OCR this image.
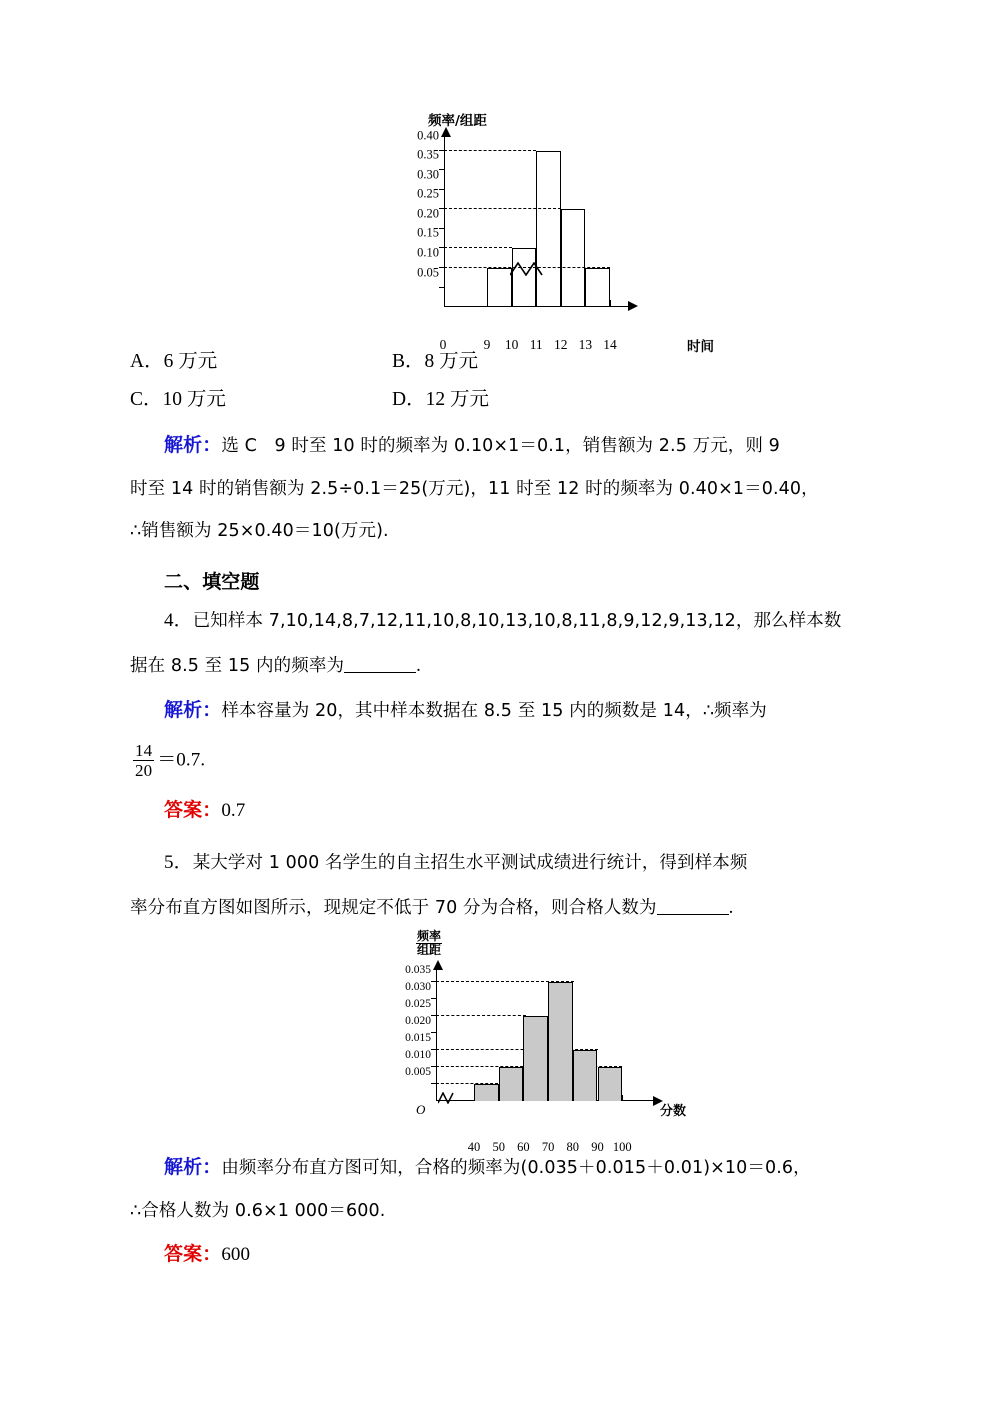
频率/组距
0.05
0.10
0.15
0.20
0.25
0.30
0.35
0.40
0	9 10 11 12 13 14	时间
A．6 万元	B．8 万元
C．10 万元	D．12 万元
解析：选 C　9 时至 10 时的频率为 0.10×1＝0.1，销售额为 2.5 万元，则 9
时至 14 时的销售额为 2.5÷0.1＝25(万元)，11 时至 12 时的频率为 0.40×1＝0.40，
∴销售额为 25×0.40＝10(万元).
二、填空题
4．已知样本 7,10,14,8,7,12,11,10,8,10,13,10,8,11,8,9,12,9,13,12，那么样本数
据在 8.5 至 15 内的频率为	.
解析：样本容量为 20，其中样本数据在 8.5 至 15 内的频数是 14，∴频率为
$\frac{14}{20} =0.7$.
答案：0.7
5．某大学对 1 000 名学生的自主招生水平测试成绩进行统计，得到样本频
率分布直方图如图所示，现规定不低于 70 分为合格，则合格人数为	.
频率
组距
0.005
0.010
0.015
0.020
0.025
0.030
0.035
40 50 60 70 80 90 100
O	分数
解析：由频率分布直方图可知，合格的频率为(0.035＋0.015＋0.01)×10＝0.6，
∴合格人数为 0.6×1 000＝600.
答案：600
